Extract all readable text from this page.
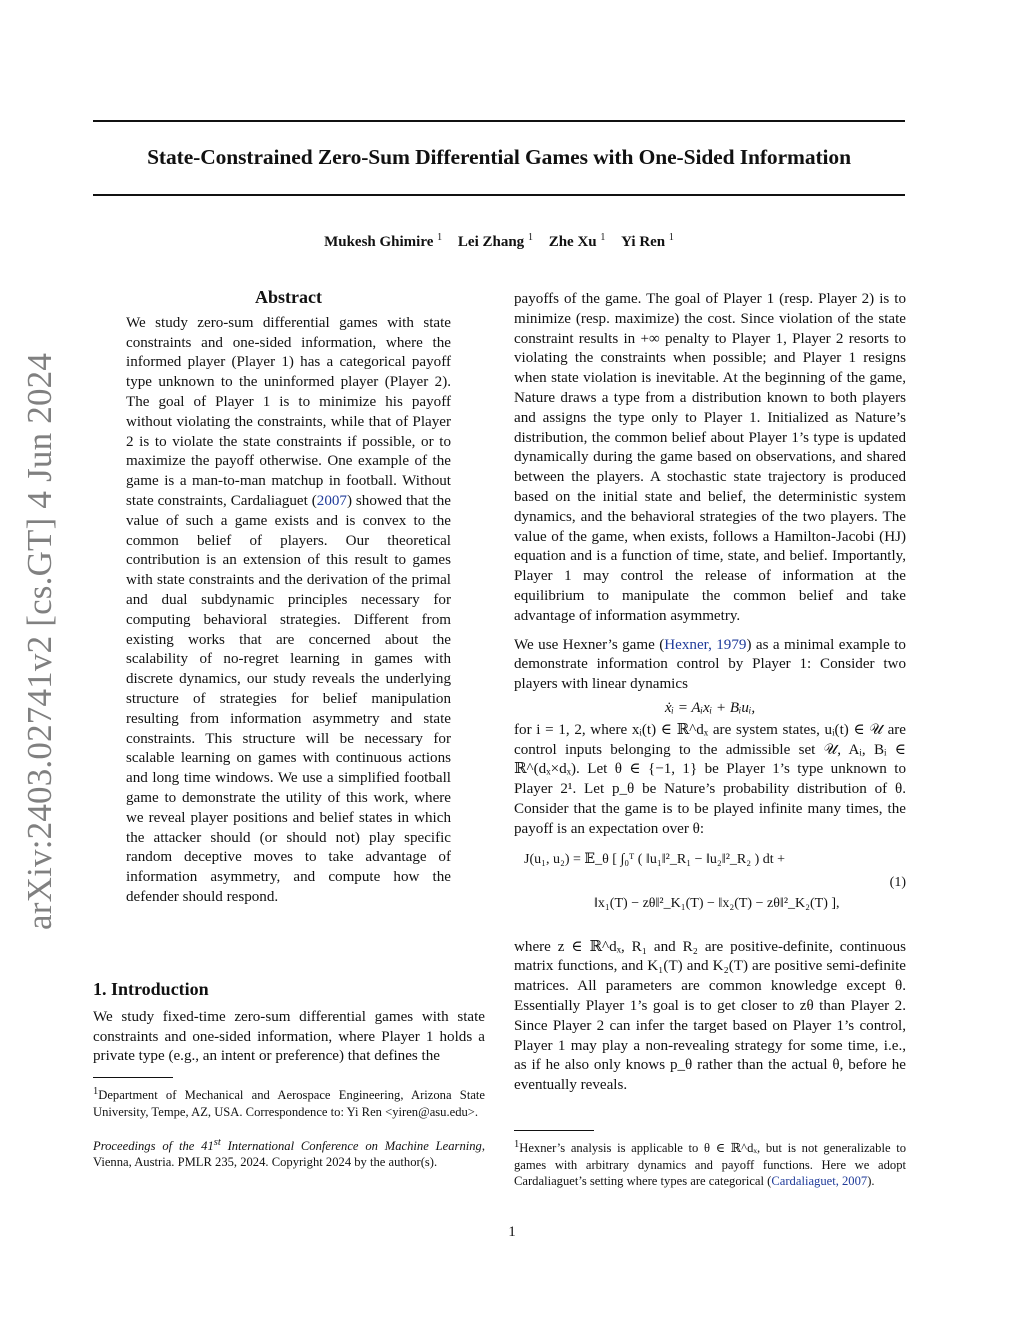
State-Constrained Zero-Sum Differential Games with One-Sided Information
Mukesh Ghimire $^1$ Lei Zhang $^1$ Zhe Xu $^1$ Yi Ren $^1$
arXiv:2403.02741v2 [cs.GT] 4 Jun 2024
Abstract

We study zero-sum differential games with state constraints and one-sided information, where the informed player (Player 1) has a categorical payoff type unknown to the uninformed player (Player 2). The goal of Player 1 is to minimize his payoff without violating the constraints, while that of Player 2 is to violate the state constraints if possible, or to maximize the payoff otherwise. One example of the game is a man-to-man matchup in football. Without state constraints, Cardaliaguet (2007) showed that the value of such a game exists and is convex to the common belief of players. Our theoretical contribution is an extension of this result to games with state constraints and the derivation of the primal and dual subdynamic principles necessary for computing behavioral strategies. Different from existing works that are concerned about the scalability of no-regret learning in games with discrete dynamics, our study reveals the underlying structure of strategies for belief manipulation resulting from information asymmetry and state constraints. This structure will be necessary for scalable learning on games with continuous actions and long time windows. We use a simplified football game to demonstrate the utility of this work, where we reveal player positions and belief states in which the attacker should (or should not) play specific random deceptive moves to take advantage of information asymmetry, and compute how the defender should respond.

1. Introduction

We study fixed-time zero-sum differential games with state constraints and one-sided information, where Player 1 holds a private type (e.g., an intent or preference) that defines the

$^1$Department of Mechanical and Aerospace Engineering, Arizona State University, Tempe, AZ, USA. Correspondence to: Yi Ren <yiren@asu.edu>.
Proceedings of the 41st International Conference on Machine Learning, Vienna, Austria. PMLR 235, 2024. Copyright 2024 by the author(s).

payoffs of the game. The goal of Player 1 (resp. Player 2) is to minimize (resp. maximize) the cost. Since violation of the state constraint results in +∞ penalty to Player 1, Player 2 resorts to violating the constraints when possible; and Player 1 resigns when state violation is inevitable. At the beginning of the game, Nature draws a type from a distribution known to both players and assigns the type only to Player 1. Initialized as Nature’s distribution, the common belief about Player 1’s type is updated dynamically during the game based on observations, and shared between the players. A stochastic state trajectory is produced based on the initial state and belief, the deterministic system dynamics, and the behavioral strategies of the two players. The value of the game, when exists, follows a Hamilton-Jacobi (HJ) equation and is a function of time, state, and belief. Importantly, Player 1 may control the release of information at the equilibrium to manipulate the common belief and take advantage of information asymmetry.

We use Hexner’s game (Hexner, 1979) as a minimal example to demonstrate information control by Player 1: Consider two players with linear dynamics

ẋᵢ = Aᵢxᵢ + Bᵢuᵢ,

for i = 1, 2, where xᵢ(t) ∈ ℝ^dₓ are system states, uᵢ(t) ∈ 𝒰 are control inputs belonging to the admissible set 𝒰, Aᵢ, Bᵢ ∈ ℝ^(dₓ×dₓ). Let θ ∈ {−1, 1} be Player 1’s type unknown to Player 2¹. Let p_θ be Nature’s probability distribution of θ. Consider that the game is to be played infinite many times, the payoff is an expectation over θ:

J(u₁, u₂) = 𝔼_θ [ ∫₀ᵀ ( ‖u₁‖²_R₁ − ‖u₂‖²_R₂ ) dt +
‖x₁(T) − zθ‖²_K₁(T) − ‖x₂(T) − zθ‖²_K₂(T) ],
(1)

where z ∈ ℝ^dₓ, R₁ and R₂ are positive-definite, continuous matrix functions, and K₁(T) and K₂(T) are positive semi-definite matrices. All parameters are common knowledge except θ. Essentially Player 1’s goal is to get closer to zθ than Player 2. Since Player 2 can infer the target based on Player 1’s control, Player 1 may play a non-revealing strategy for some time, i.e., as if he also only knows p_θ rather than the actual θ, before he eventually reveals.

$^1$Hexner’s analysis is applicable to θ ∈ ℝ^dₓ, but is not generalizable to games with arbitrary dynamics and payoff functions. Here we adopt Cardaliaguet’s setting where types are categorical (Cardaliaguet, 2007).
1
